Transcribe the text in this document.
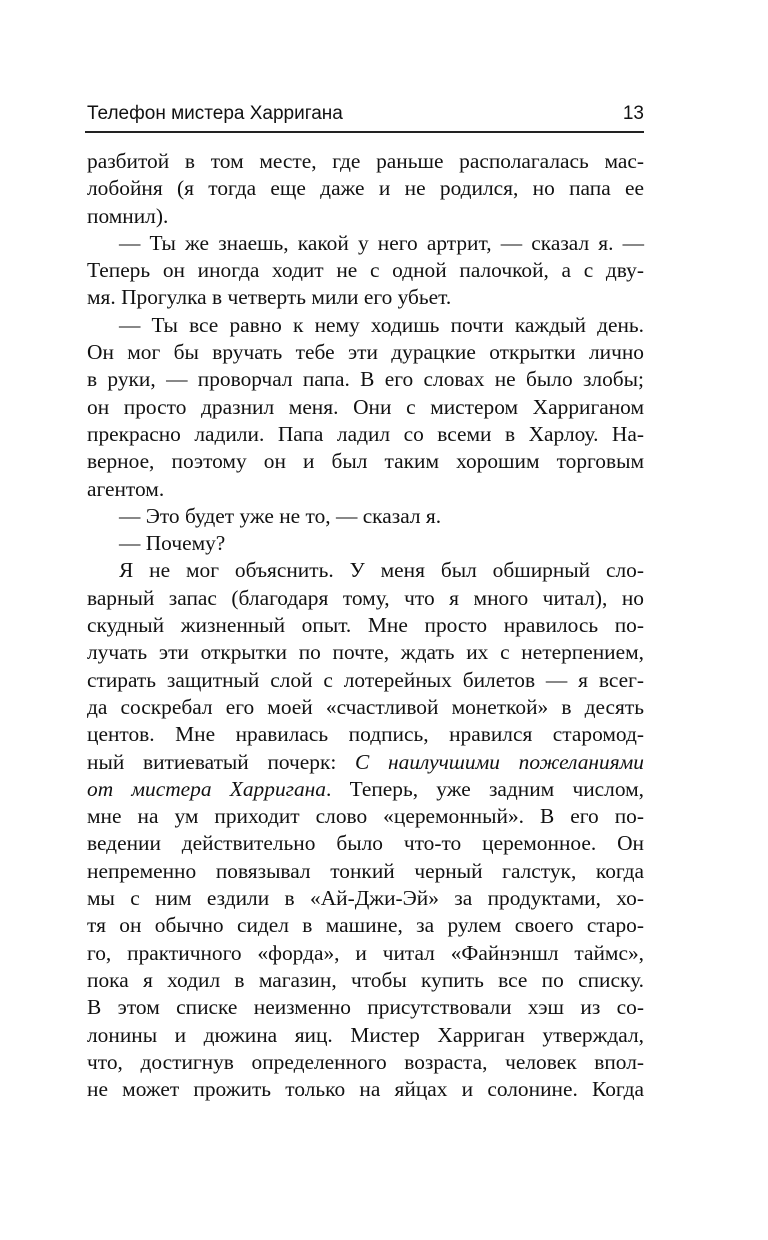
Телефон мистера Харригана	13
разбитой в том месте, где раньше располагалась мас-
лобойня (я тогда еще даже и не родился, но папа ее
помнил).
— Ты же знаешь, какой у него артрит, — сказал я. —
Теперь он иногда ходит не с одной палочкой, а с дву-
мя. Прогулка в четверть мили его убьет.
— Ты все равно к нему ходишь почти каждый день.
Он мог бы вручать тебе эти дурацкие открытки лично
в руки, — проворчал папа. В его словах не было злобы;
он просто дразнил меня. Они с мистером Харриганом
прекрасно ладили. Папа ладил со всеми в Харлоу. На-
верное, поэтому он и был таким хорошим торговым
агентом.
— Это будет уже не то, — сказал я.
— Почему?
Я не мог объяснить. У меня был обширный сло-
варный запас (благодаря тому, что я много читал), но
скудный жизненный опыт. Мне просто нравилось по-
лучать эти открытки по почте, ждать их с нетерпением,
стирать защитный слой с лотерейных билетов — я всег-
да соскребал его моей «счастливой монеткой» в десять
центов. Мне нравилась подпись, нравился старомод-
ный витиеватый почерк: С наилучшими пожеланиями
от мистера Харригана. Теперь, уже задним числом,
мне на ум приходит слово «церемонный». В его по-
ведении действительно было что-то церемонное. Он
непременно повязывал тонкий черный галстук, когда
мы с ним ездили в «Ай-Джи-Эй» за продуктами, хо-
тя он обычно сидел в машине, за рулем своего старо-
го, практичного «форда», и читал «Файнэншл таймс»,
пока я ходил в магазин, чтобы купить все по списку.
В этом списке неизменно присутствовали хэш из со-
лонины и дюжина яиц. Мистер Харриган утверждал,
что, достигнув определенного возраста, человек впол-
не может прожить только на яйцах и солонине. Когда
